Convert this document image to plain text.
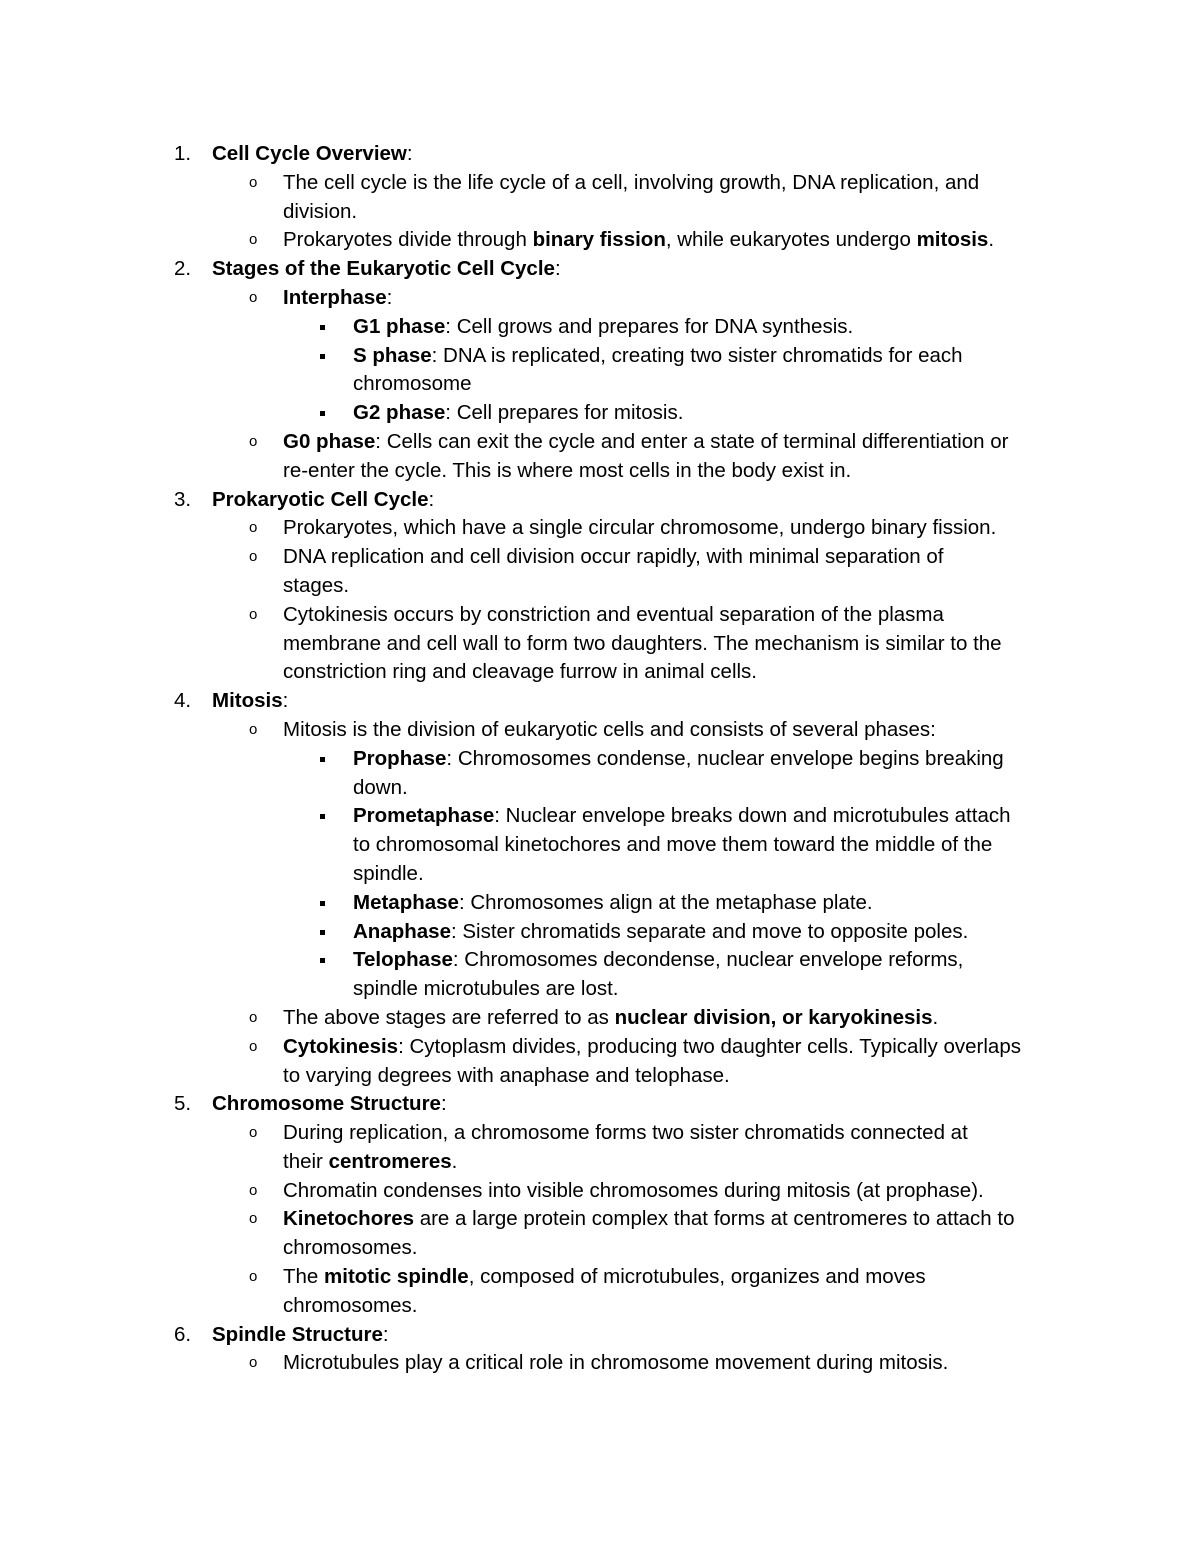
1. Cell Cycle Overview:
o The cell cycle is the life cycle of a cell, involving growth, DNA replication, and
division.
o Prokaryotes divide through binary fission, while eukaryotes undergo mitosis.
2. Stages of the Eukaryotic Cell Cycle:
o Interphase:
G1 phase: Cell grows and prepares for DNA synthesis.
S phase: DNA is replicated, creating two sister chromatids for each
chromosome
G2 phase: Cell prepares for mitosis.
o G0 phase: Cells can exit the cycle and enter a state of terminal differentiation or
re-enter the cycle. This is where most cells in the body exist in.
3. Prokaryotic Cell Cycle:
o Prokaryotes, which have a single circular chromosome, undergo binary fission.
o DNA replication and cell division occur rapidly, with minimal separation of
stages.
o Cytokinesis occurs by constriction and eventual separation of the plasma
membrane and cell wall to form two daughters. The mechanism is similar to the
constriction ring and cleavage furrow in animal cells.
4. Mitosis:
o Mitosis is the division of eukaryotic cells and consists of several phases:
Prophase: Chromosomes condense, nuclear envelope begins breaking
down.
Prometaphase: Nuclear envelope breaks down and microtubules attach
to chromosomal kinetochores and move them toward the middle of the
spindle.
Metaphase: Chromosomes align at the metaphase plate.
Anaphase: Sister chromatids separate and move to opposite poles.
Telophase: Chromosomes decondense, nuclear envelope reforms,
spindle microtubules are lost.
o The above stages are referred to as nuclear division, or karyokinesis.
o Cytokinesis: Cytoplasm divides, producing two daughter cells. Typically overlaps
to varying degrees with anaphase and telophase.
5. Chromosome Structure:
o During replication, a chromosome forms two sister chromatids connected at
their centromeres.
o Chromatin condenses into visible chromosomes during mitosis (at prophase).
o Kinetochores are a large protein complex that forms at centromeres to attach to
chromosomes.
o The mitotic spindle, composed of microtubules, organizes and moves
chromosomes.
6. Spindle Structure:
o Microtubules play a critical role in chromosome movement during mitosis.
